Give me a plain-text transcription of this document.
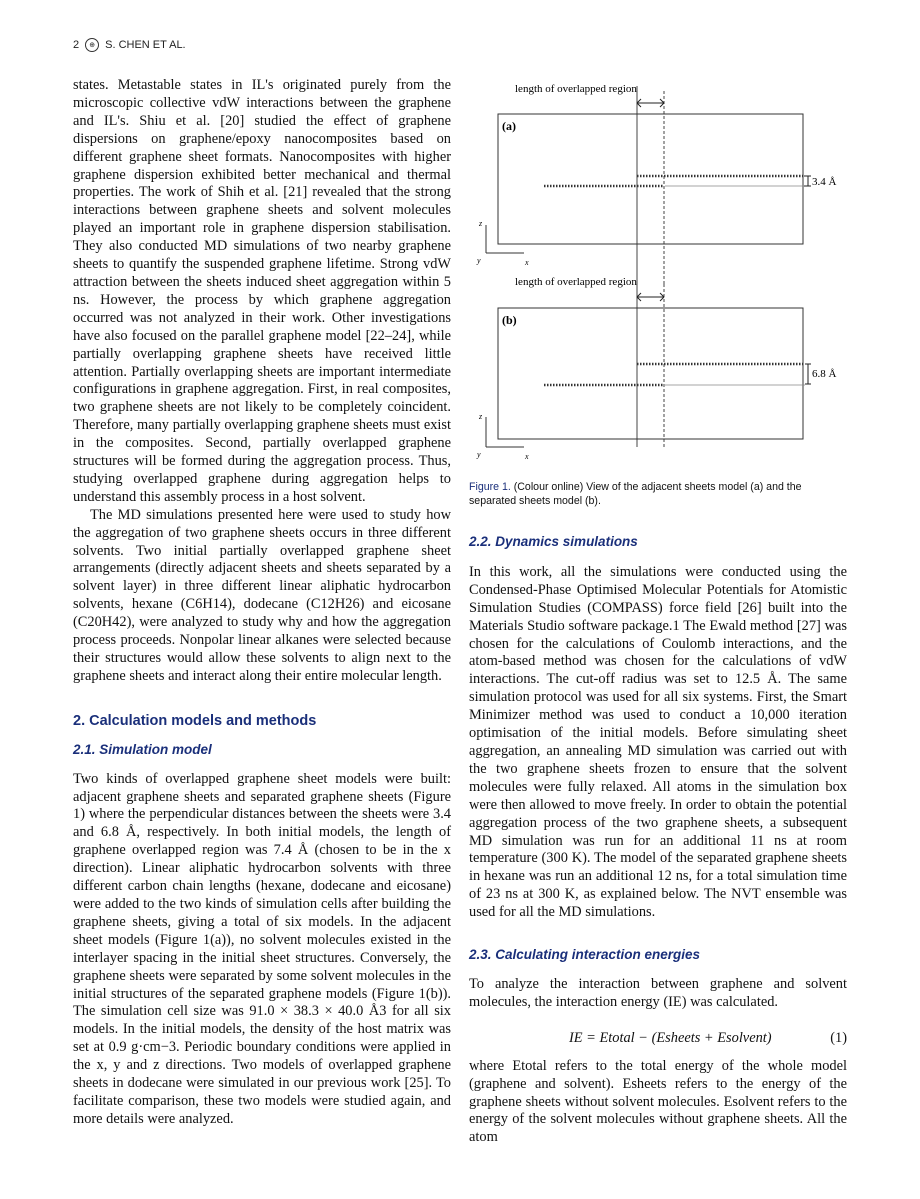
2	⊕ S. CHEN ET AL.

states. Metastable states in IL's originated purely from the microscopic collective vdW interactions between the graphene and IL's. Shiu et al. [20] studied the effect of graphene dispersions on graphene/epoxy nanocomposites based on different graphene sheet formats. Nanocomposites with higher graphene dispersion exhibited better mechanical and thermal properties. The work of Shih et al. [21] revealed that the strong interactions between graphene sheets and solvent molecules played an important role in graphene dispersion stabilisation. They also conducted MD simulations of two nearby graphene sheets to quantify the suspended graphene lifetime. Strong vdW attraction between the sheets induced sheet aggregation within 5 ns. However, the process by which graphene aggregation occurred was not analyzed in their work. Other investigations have also focused on the parallel graphene model [22–24], while partially overlapping graphene sheets have received little attention. Partially overlapping sheets are important intermediate configurations in graphene aggregation. First, in real composites, two graphene sheets are not likely to be completely coincident. Therefore, many partially overlapping graphene sheets must exist in the composites. Second, partially overlapped graphene structures will be formed during the aggregation process. Thus, studying overlapped graphene during aggregation helps to understand this assembly process in a host solvent.

The MD simulations presented here were used to study how the aggregation of two graphene sheets occurs in three different solvents. Two initial partially overlapped graphene sheet arrangements (directly adjacent sheets and sheets separated by a solvent layer) in three different linear aliphatic hydrocarbon solvents, hexane (C6H14), dodecane (C12H26) and eicosane (C20H42), were analyzed to study why and how the aggregation process proceeds. Nonpolar linear alkanes were selected because their structures would allow these solvents to align next to the graphene sheets and interact along their entire molecular length.

2. Calculation models and methods

2.1. Simulation model

Two kinds of overlapped graphene sheet models were built: adjacent graphene sheets and separated graphene sheets (Figure 1) where the perpendicular distances between the sheets were 3.4 and 6.8 Å, respectively. In both initial models, the length of graphene overlapped region was 7.4 Å (chosen to be in the x direction). Linear aliphatic hydrocarbon solvents with three different carbon chain lengths (hexane, dodecane and eicosane) were added to the two kinds of simulation cells after building the graphene sheets, giving a total of six models. In the adjacent sheet models (Figure 1(a)), no solvent molecules existed in the interlayer spacing in the initial sheet structures. Conversely, the graphene sheets were separated by some solvent molecules in the initial structures of the separated graphene models (Figure 1(b)). The simulation cell size was 91.0 × 38.3 × 40.0 Å3 for all six models. In the initial models, the density of the host matrix was set at 0.9 g·cm−3. Periodic boundary conditions were applied in the x, y and z directions. Two models of overlapped graphene sheets in dodecane were simulated in our previous work [25]. To facilitate comparison, these two models were studied again, and more details were analyzed.

length of overlapped region
(a)
3.4 Å
z
y	x
length of overlapped region
(b)
6.8 Å
z
y	x
Figure 1. (Colour online) View of the adjacent sheets model (a) and the separated sheets model (b).

2.2. Dynamics simulations

In this work, all the simulations were conducted using the Condensed-Phase Optimised Molecular Potentials for Atomistic Simulation Studies (COMPASS) force field [26] built into the Materials Studio software package.1 The Ewald method [27] was chosen for the calculations of Coulomb interactions, and the atom-based method was chosen for the calculations of vdW interactions. The cut-off radius was set to 12.5 Å. The same simulation protocol was used for all six systems. First, the Smart Minimizer method was used to conduct a 10,000 iteration optimisation of the initial models. Before simulating sheet aggregation, an annealing MD simulation was carried out with the two graphene sheets frozen to ensure that the solvent molecules were fully relaxed. All atoms in the simulation box were then allowed to move freely. In order to obtain the potential aggregation process of the two graphene sheets, a subsequent MD simulation was run for an additional 11 ns at room temperature (300 K). The model of the separated graphene sheets in hexane was run an additional 12 ns, for a total simulation time of 23 ns at 300 K, as explained below. The NVT ensemble was used for all the MD simulations.

2.3. Calculating interaction energies

To analyze the interaction between graphene and solvent molecules, the interaction energy (IE) was calculated.

IE = Etotal − (Esheets + Esolvent)	(1)

where Etotal refers to the total energy of the whole model (graphene and solvent). Esheets refers to the energy of the graphene sheets without solvent molecules. Esolvent refers to the energy of the solvent molecules without graphene sheets. All the atom
